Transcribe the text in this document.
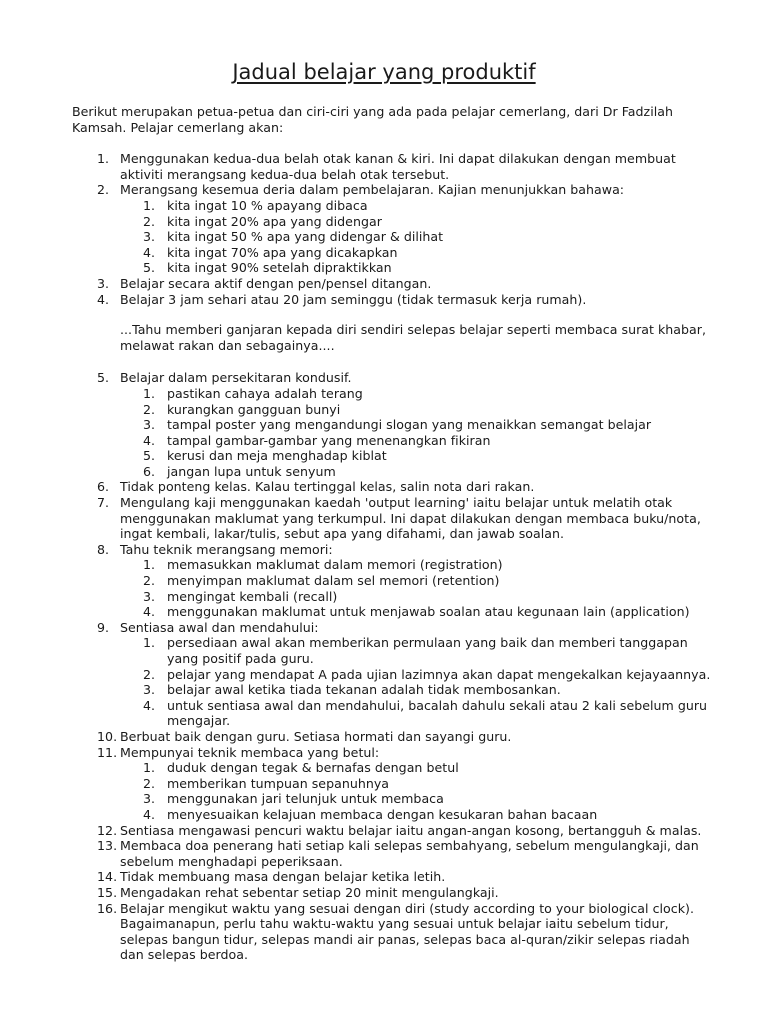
Jadual belajar yang produktif

Berikut merupakan petua-petua dan ciri-ciri yang ada pada pelajar cemerlang, dari Dr Fadzilah Kamsah. Pelajar cemerlang akan:

1. Menggunakan kedua-dua belah otak kanan & kiri. Ini dapat dilakukan dengan membuat aktiviti merangsang kedua-dua belah otak tersebut.
2. Merangsang kesemua deria dalam pembelajaran. Kajian menunjukkan bahawa:
1. kita ingat 10 % apayang dibaca
2. kita ingat 20% apa yang didengar
3. kita ingat 50 % apa yang didengar & dilihat
4. kita ingat 70% apa yang dicakapkan
5. kita ingat 90% setelah dipraktikkan
3. Belajar secara aktif dengan pen/pensel ditangan.
4. Belajar 3 jam sehari atau 20 jam seminggu (tidak termasuk kerja rumah).

...Tahu memberi ganjaran kepada diri sendiri selepas belajar seperti membaca surat khabar, melawat rakan dan sebagainya....

5. Belajar dalam persekitaran kondusif.
1. pastikan cahaya adalah terang
2. kurangkan gangguan bunyi
3. tampal poster yang mengandungi slogan yang menaikkan semangat belajar
4. tampal gambar-gambar yang menenangkan fikiran
5. kerusi dan meja menghadap kiblat
6. jangan lupa untuk senyum
6. Tidak ponteng kelas. Kalau tertinggal kelas, salin nota dari rakan.
7. Mengulang kaji menggunakan kaedah 'output learning' iaitu belajar untuk melatih otak menggunakan maklumat yang terkumpul. Ini dapat dilakukan dengan membaca buku/nota, ingat kembali, lakar/tulis, sebut apa yang difahami, dan jawab soalan.
8. Tahu teknik merangsang memori:
1. memasukkan maklumat dalam memori (registration)
2. menyimpan maklumat dalam sel memori (retention)
3. mengingat kembali (recall)
4. menggunakan maklumat untuk menjawab soalan atau kegunaan lain (application)
9. Sentiasa awal dan mendahului:
1. persediaan awal akan memberikan permulaan yang baik dan memberi tanggapan yang positif pada guru.
2. pelajar yang mendapat A pada ujian lazimnya akan dapat mengekalkan kejayaannya.
3. belajar awal ketika tiada tekanan adalah tidak membosankan.
4. untuk sentiasa awal dan mendahului, bacalah dahulu sekali atau 2 kali sebelum guru mengajar.
10. Berbuat baik dengan guru. Setiasa hormati dan sayangi guru.
11. Mempunyai teknik membaca yang betul:
1. duduk dengan tegak & bernafas dengan betul
2. memberikan tumpuan sepanuhnya
3. menggunakan jari telunjuk untuk membaca
4. menyesuaikan kelajuan membaca dengan kesukaran bahan bacaan
12. Sentiasa mengawasi pencuri waktu belajar iaitu angan-angan kosong, bertangguh & malas.
13. Membaca doa penerang hati setiap kali selepas sembahyang, sebelum mengulangkaji, dan sebelum menghadapi peperiksaan.
14. Tidak membuang masa dengan belajar ketika letih.
15. Mengadakan rehat sebentar setiap 20 minit mengulangkaji.
16. Belajar mengikut waktu yang sesuai dengan diri (study according to your biological clock). Bagaimanapun, perlu tahu waktu-waktu yang sesuai untuk belajar iaitu sebelum tidur, selepas bangun tidur, selepas mandi air panas, selepas baca al-quran/zikir selepas riadah dan selepas berdoa.
